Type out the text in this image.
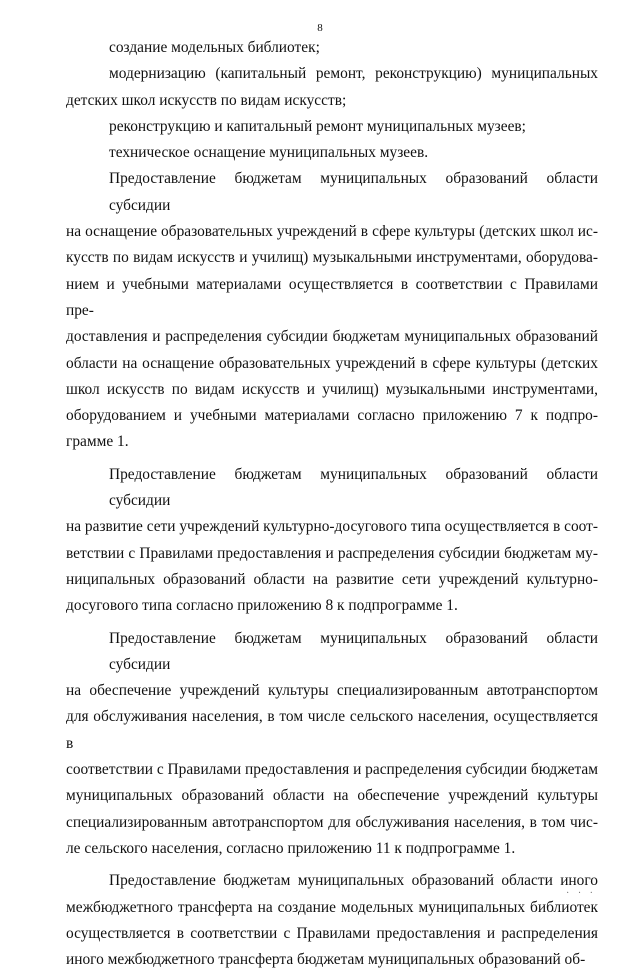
8
создание модельных библиотек;
модернизацию (капитальный ремонт, реконструкцию) муниципальных
детских школ искусств по видам искусств;
реконструкцию и капитальный ремонт муниципальных музеев;
техническое оснащение муниципальных музеев.
Предоставление бюджетам муниципальных образований области субсидии
на оснащение образовательных учреждений в сфере культуры (детских школ ис-
кусств по видам искусств и училищ) музыкальными инструментами, оборудова-
нием и учебными материалами осуществляется в соответствии с Правилами пре-
доставления и распределения субсидии бюджетам муниципальных образований
области на оснащение образовательных учреждений в сфере культуры (детских
школ искусств по видам искусств и училищ) музыкальными инструментами,
оборудованием и учебными материалами согласно приложению 7 к подпро-
грамме 1.
Предоставление бюджетам муниципальных образований области субсидии
на развитие сети учреждений культурно-досугового типа осуществляется в соот-
ветствии с Правилами предоставления и распределения субсидии бюджетам му-
ниципальных образований области на развитие сети учреждений культурно-
досугового типа согласно приложению 8 к подпрограмме 1.
Предоставление бюджетам муниципальных образований области субсидии
на обеспечение учреждений культуры специализированным автотранспортом
для обслуживания населения, в том числе сельского населения, осуществляется в
соответствии с Правилами предоставления и распределения субсидии бюджетам
муниципальных образований области на обеспечение учреждений культуры
специализированным автотранспортом для обслуживания населения, в том чис-
ле сельского населения, согласно приложению 11 к подпрограмме 1.
Предоставление бюджетам муниципальных образований области иного
межбюджетного трансферта на создание модельных муниципальных библиотек
осуществляется в соответствии с Правилами предоставления и распределения
иного межбюджетного трансферта бюджетам муниципальных образований об-
· · ·
